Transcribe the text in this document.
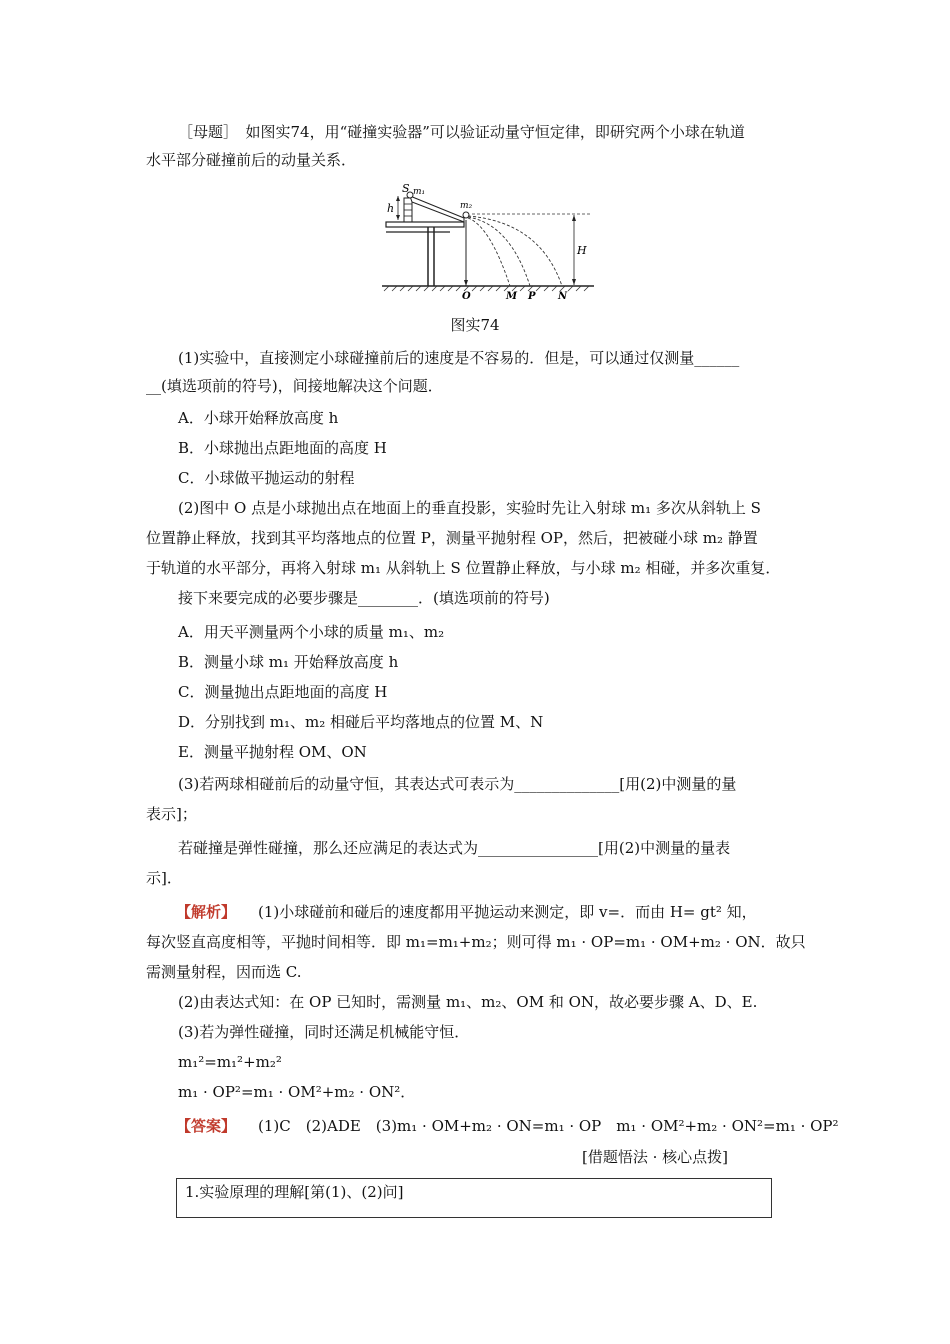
［母题］　如图实74，用“碰撞实验器”可以验证动量守恒定律，即研究两个小球在轨道
水平部分碰撞前后的动量关系．
S m₁
h	m₂
H
O	M P N
图实74
(1)实验中，直接测定小球碰撞前后的速度是不容易的．但是，可以通过仅测量______
__(填选项前的符号)，间接地解决这个问题．
A．小球开始释放高度 h
B．小球抛出点距地面的高度 H
C．小球做平抛运动的射程
(2)图中 O 点是小球抛出点在地面上的垂直投影，实验时先让入射球 m₁ 多次从斜轨上 S
位置静止释放，找到其平均落地点的位置 P，测量平抛射程 OP，然后，把被碰小球 m₂ 静置
于轨道的水平部分，再将入射球 m₁ 从斜轨上 S 位置静止释放，与小球 m₂ 相碰，并多次重复．
接下来要完成的必要步骤是________．(填选项前的符号)
A．用天平测量两个小球的质量 m₁、m₂
B．测量小球 m₁ 开始释放高度 h
C．测量抛出点距地面的高度 H
D．分别找到 m₁、m₂ 相碰后平均落地点的位置 M、N
E．测量平抛射程 OM、ON
(3)若两球相碰前后的动量守恒，其表达式可表示为______________[用(2)中测量的量
表示]；
若碰撞是弹性碰撞，那么还应满足的表达式为________________[用(2)中测量的量表
示]．
【解析】 (1)小球碰前和碰后的速度都用平抛运动来测定，即 v=．而由 H= gt² 知，
每次竖直高度相等，平抛时间相等．即 m₁=m₁+m₂；则可得 m₁ · OP=m₁ · OM+m₂ · ON．故只
需测量射程，因而选 C.
(2)由表达式知：在 OP 已知时，需测量 m₁、m₂、OM 和 ON，故必要步骤 A、D、E.
(3)若为弹性碰撞，同时还满足机械能守恒．
m₁²=m₁²+m₂²
m₁ · OP²=m₁ · OM²+m₂ · ON²．
【答案】 (1)C　(2)ADE　(3)m₁ · OM+m₂ · ON=m₁ · OP　m₁ · OM²+m₂ · ON²=m₁ · OP²
[借题悟法 · 核心点拨]
1.实验原理的理解[第(1)、(2)问]
